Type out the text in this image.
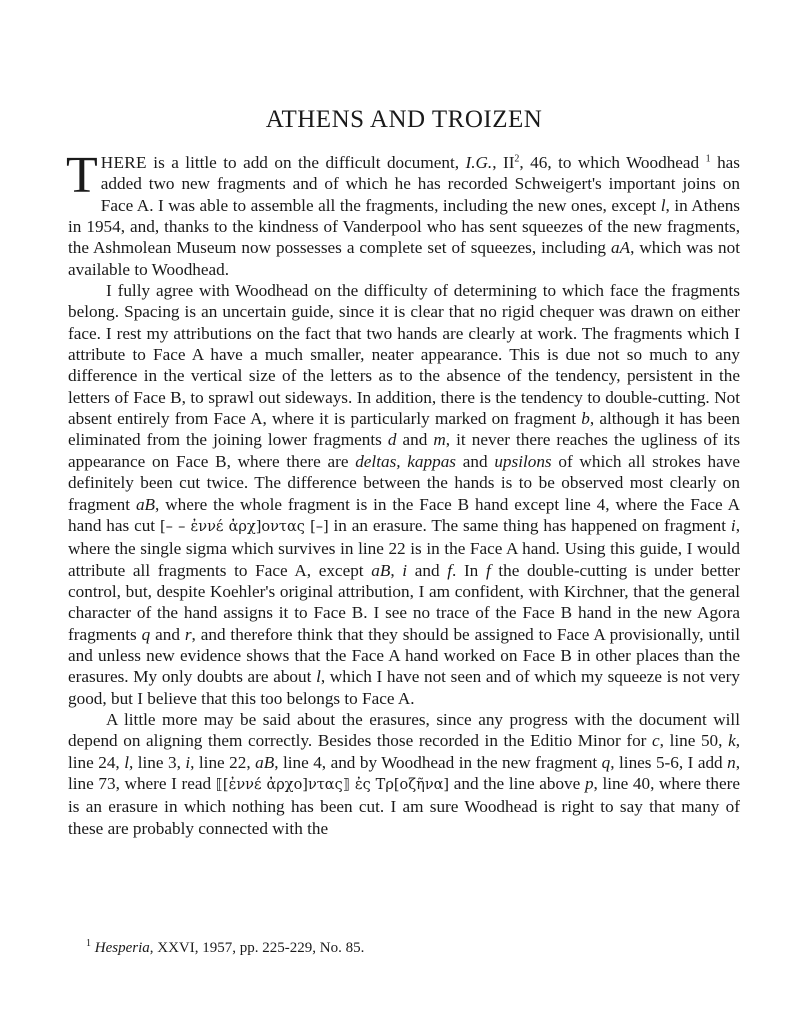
ATHENS AND TROIZEN

THERE is a little to add on the difficult document, I.G., $II^2$, 46, to which Woodhead $^1$ has added two new fragments and of which he has recorded Schweigert's important joins on Face A. I was able to assemble all the fragments, including the new ones, except l, in Athens in 1954, and, thanks to the kindness of Vanderpool who has sent squeezes of the new fragments, the Ashmolean Museum now possesses a complete set of squeezes, including aA, which was not available to Woodhead.

I fully agree with Woodhead on the difficulty of determining to which face the fragments belong. Spacing is an uncertain guide, since it is clear that no rigid chequer was drawn on either face. I rest my attributions on the fact that two hands are clearly at work. The fragments which I attribute to Face A have a much smaller, neater appearance. This is due not so much to any difference in the vertical size of the letters as to the absence of the tendency, persistent in the letters of Face B, to sprawl out sideways. In addition, there is the tendency to double-cutting. Not absent entirely from Face A, where it is particularly marked on fragment b, although it has been eliminated from the joining lower fragments d and m, it never there reaches the ugliness of its appearance on Face B, where there are deltas, kappas and upsilons of which all strokes have definitely been cut twice. The difference between the hands is to be observed most clearly on fragment aB, where the whole fragment is in the Face B hand except line 4, where the Face A hand has cut [– – ἐννέ ἀρχ]οντας [–] in an erasure. The same thing has happened on fragment i, where the single sigma which survives in line 22 is in the Face A hand. Using this guide, I would attribute all fragments to Face A, except aB, i and f. In f the double-cutting is under better control, but, despite Koehler's original attribution, I am confident, with Kirchner, that the general character of the hand assigns it to Face B. I see no trace of the Face B hand in the new Agora fragments q and r, and therefore think that they should be assigned to Face A provisionally, until and unless new evidence shows that the Face A hand worked on Face B in other places than the erasures. My only doubts are about l, which I have not seen and of which my squeeze is not very good, but I believe that this too belongs to Face A.

A little more may be said about the erasures, since any progress with the document will depend on aligning them correctly. Besides those recorded in the Editio Minor for c, line 50, k, line 24, l, line 3, i, line 22, aB, line 4, and by Woodhead in the new fragment q, lines 5-6, I add n, line 73, where I read ⟦[ἐννέ ἀρχο]ντας⟧ ἐς Τρ[οζῆνα] and the line above p, line 40, where there is an erasure in which nothing has been cut. I am sure Woodhead is right to say that many of these are probably connected with the

$^1$ Hesperia, XXVI, 1957, pp. 225-229, No. 85.
